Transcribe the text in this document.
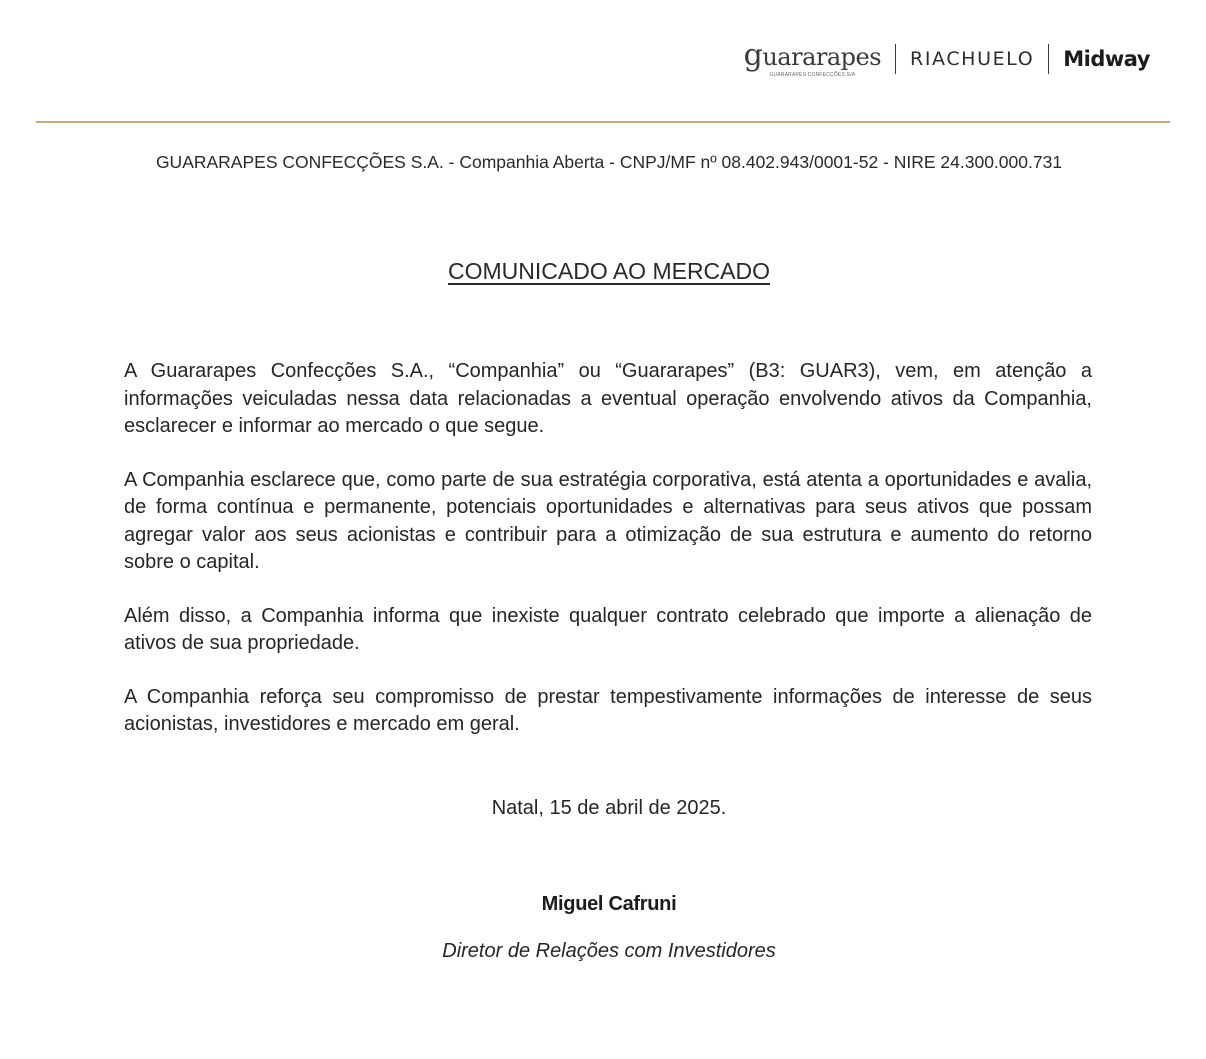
guararapes
GUARARAPES CONFECÇÕES S/A
RIACHUELO Midway
GUARARAPES CONFECÇÕES S.A. - Companhia Aberta - CNPJ/MF nº 08.402.943/0001-52 - NIRE 24.300.000.731
COMUNICADO AO MERCADO

A Guararapes Confecções S.A., “Companhia” ou “Guararapes” (B3: GUAR3), vem, em atenção a informações veiculadas nessa data relacionadas a eventual operação envolvendo ativos da Companhia, esclarecer e informar ao mercado o que segue.

A Companhia esclarece que, como parte de sua estratégia corporativa, está atenta a oportunidades e avalia, de forma contínua e permanente, potenciais oportunidades e alternativas para seus ativos que possam agregar valor aos seus acionistas e contribuir para a otimização de sua estrutura e aumento do retorno sobre o capital.

Além disso, a Companhia informa que inexiste qualquer contrato celebrado que importe a alienação de ativos de sua propriedade.

A Companhia reforça seu compromisso de prestar tempestivamente informações de interesse de seus acionistas, investidores e mercado em geral.

Natal, 15 de abril de 2025.
Miguel Cafruni
Diretor de Relações com Investidores
